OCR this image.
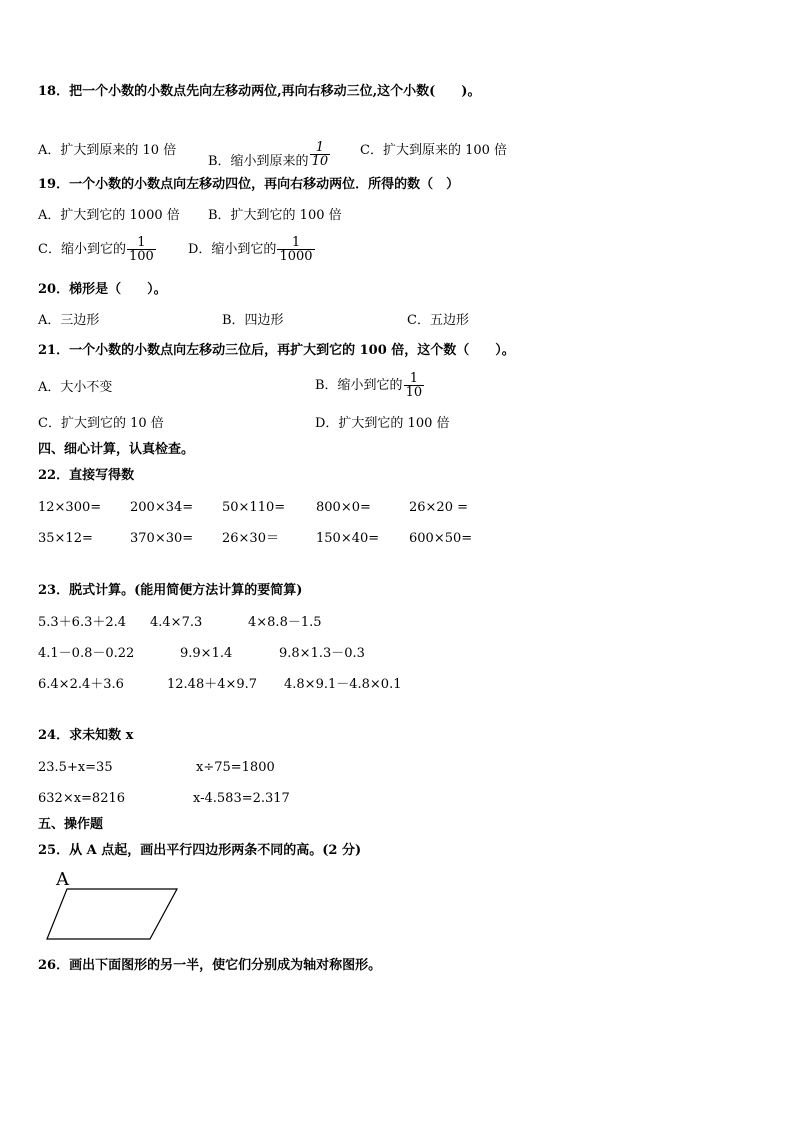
18．把一个小数的小数点先向左移动两位,再向右移动三位,这个小数(　　)。
A．扩大到原来的 10 倍
B．缩小到原来的 $\frac{1}{10}$ C．扩大到原来的 100 倍
19．一个小数的小数点向左移动四位，再向右移动两位．所得的数（　）
A．扩大到它的 1000 倍 B．扩大到它的 100 倍
C．缩小到它的 $\frac{1}{100}$ D．缩小到它的 $\frac{1}{1000}$
20．梯形是（　　）。
A．三边形	B．四边形	C．五边形
21．一个小数的小数点向左移动三位后，再扩大到它的 100 倍，这个数（　　）。
A．大小不变	B．缩小到它的 $\frac{1}{10}$
C．扩大到它的 10 倍	D．扩大到它的 100 倍
四、细心计算，认真检查。
22．直接写得数
12×300= 200×34= 50×110= 800×0=	26×20 =
35×12=	370×30= 26×30＝	150×40= 600×50=
23．脱式计算。(能用简便方法计算的要简算)
5.3＋6.3＋2.4 4.4×7.3	4×8.8－1.5
4.1－0.8－0.22	9.9×1.4	9.8×1.3－0.3
6.4×2.4＋3.6	12.48＋4×9.7 4.8×9.1－4.8×0.1
24．求未知数 x
23.5+x=35	x÷75=1800
632×x=8216	x-4.583=2.317
五、操作题
25．从 A 点起，画出平行四边形两条不同的高。(2 分)
A
26．画出下面图形的另一半，使它们分别成为轴对称图形。
